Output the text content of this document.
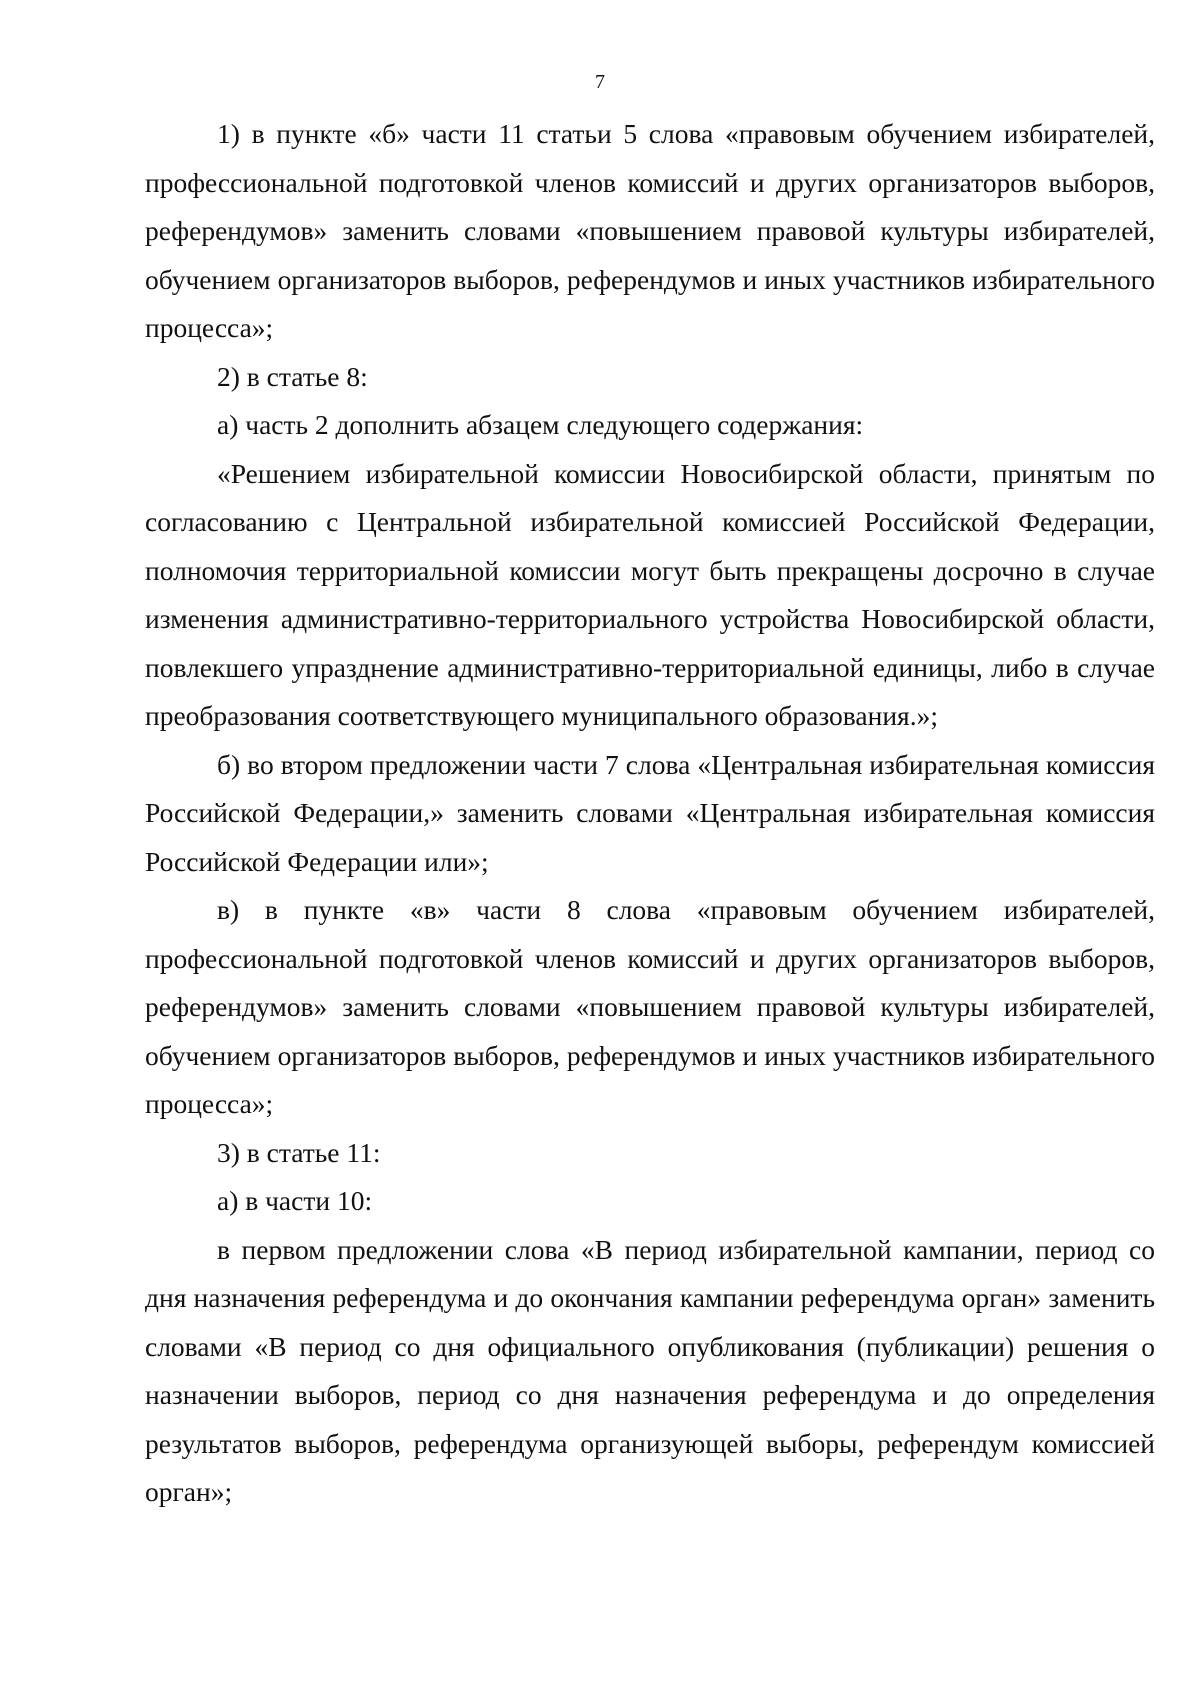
7

1) в пункте «б» части 11 статьи 5 слова «правовым обучением избирателей, профессиональной подготовкой членов комиссий и других организаторов выборов, референдумов» заменить словами «повышением правовой культуры избирателей, обучением организаторов выборов, референдумов и иных участников избирательного процесса»;

2) в статье 8:

а) часть 2 дополнить абзацем следующего содержания:

«Решением избирательной комиссии Новосибирской области, принятым по согласованию с Центральной избирательной комиссией Российской Федерации, полномочия территориальной комиссии могут быть прекращены досрочно в случае изменения административно-территориального устройства Новосибирской области, повлекшего упразднение административно-территориальной единицы, либо в случае преобразования соответствующего муниципального образования.»;

б) во втором предложении части 7 слова «Центральная избирательная комиссия Российской Федерации,» заменить словами «Центральная избирательная комиссия Российской Федерации или»;

в) в пункте «в» части 8 слова «правовым обучением избирателей, профессиональной подготовкой членов комиссий и других организаторов выборов, референдумов» заменить словами «повышением правовой культуры избирателей, обучением организаторов выборов, референдумов и иных участников избирательного процесса»;

3) в статье 11:

а) в части 10:

в первом предложении слова «В период избирательной кампании, период со дня назначения референдума и до окончания кампании референдума орган» заменить словами «В период со дня официального опубликования (публикации) решения о назначении выборов, период со дня назначения референдума и до определения результатов выборов, референдума организующей выборы, референдум комиссией орган»;
